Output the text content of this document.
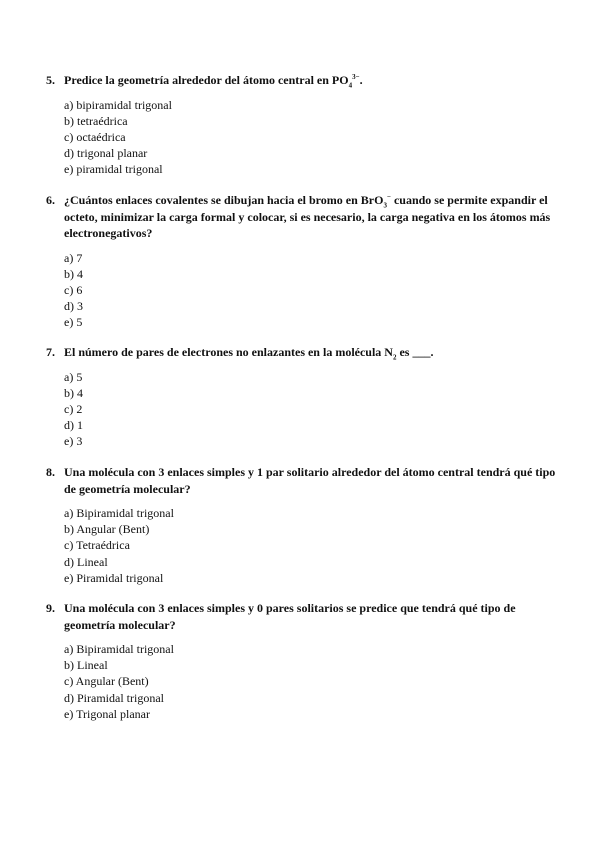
5. Predice la geometría alrededor del átomo central en $PO_4^{3-}$.
a) bipiramidal trigonal
b) tetraédrica
c) octaédrica
d) trigonal planar
e) piramidal trigonal
6. ¿Cuántos enlaces covalentes se dibujan hacia el bromo en BrO$_3$− cuando se permite expandir el octeto, minimizar la carga formal y colocar, si es necesario, la carga negativa en los átomos más electronegativos?
a) 7
b) 4
c) 6
d) 3
e) 5
7. El número de pares de electrones no enlazantes en la molécula $N_2$ es ___.
a) 5
b) 4
c) 2
d) 1
e) 3
8. Una molécula con 3 enlaces simples y 1 par solitario alrededor del átomo central tendrá qué tipo de geometría molecular?
a) Bipiramidal trigonal
b) Angular (Bent)
c) Tetraédrica
d) Lineal
e) Piramidal trigonal
9. Una molécula con 3 enlaces simples y 0 pares solitarios se predice que tendrá qué tipo de geometría molecular?
a) Bipiramidal trigonal
b) Lineal
c) Angular (Bent)
d) Piramidal trigonal
e) Trigonal planar
